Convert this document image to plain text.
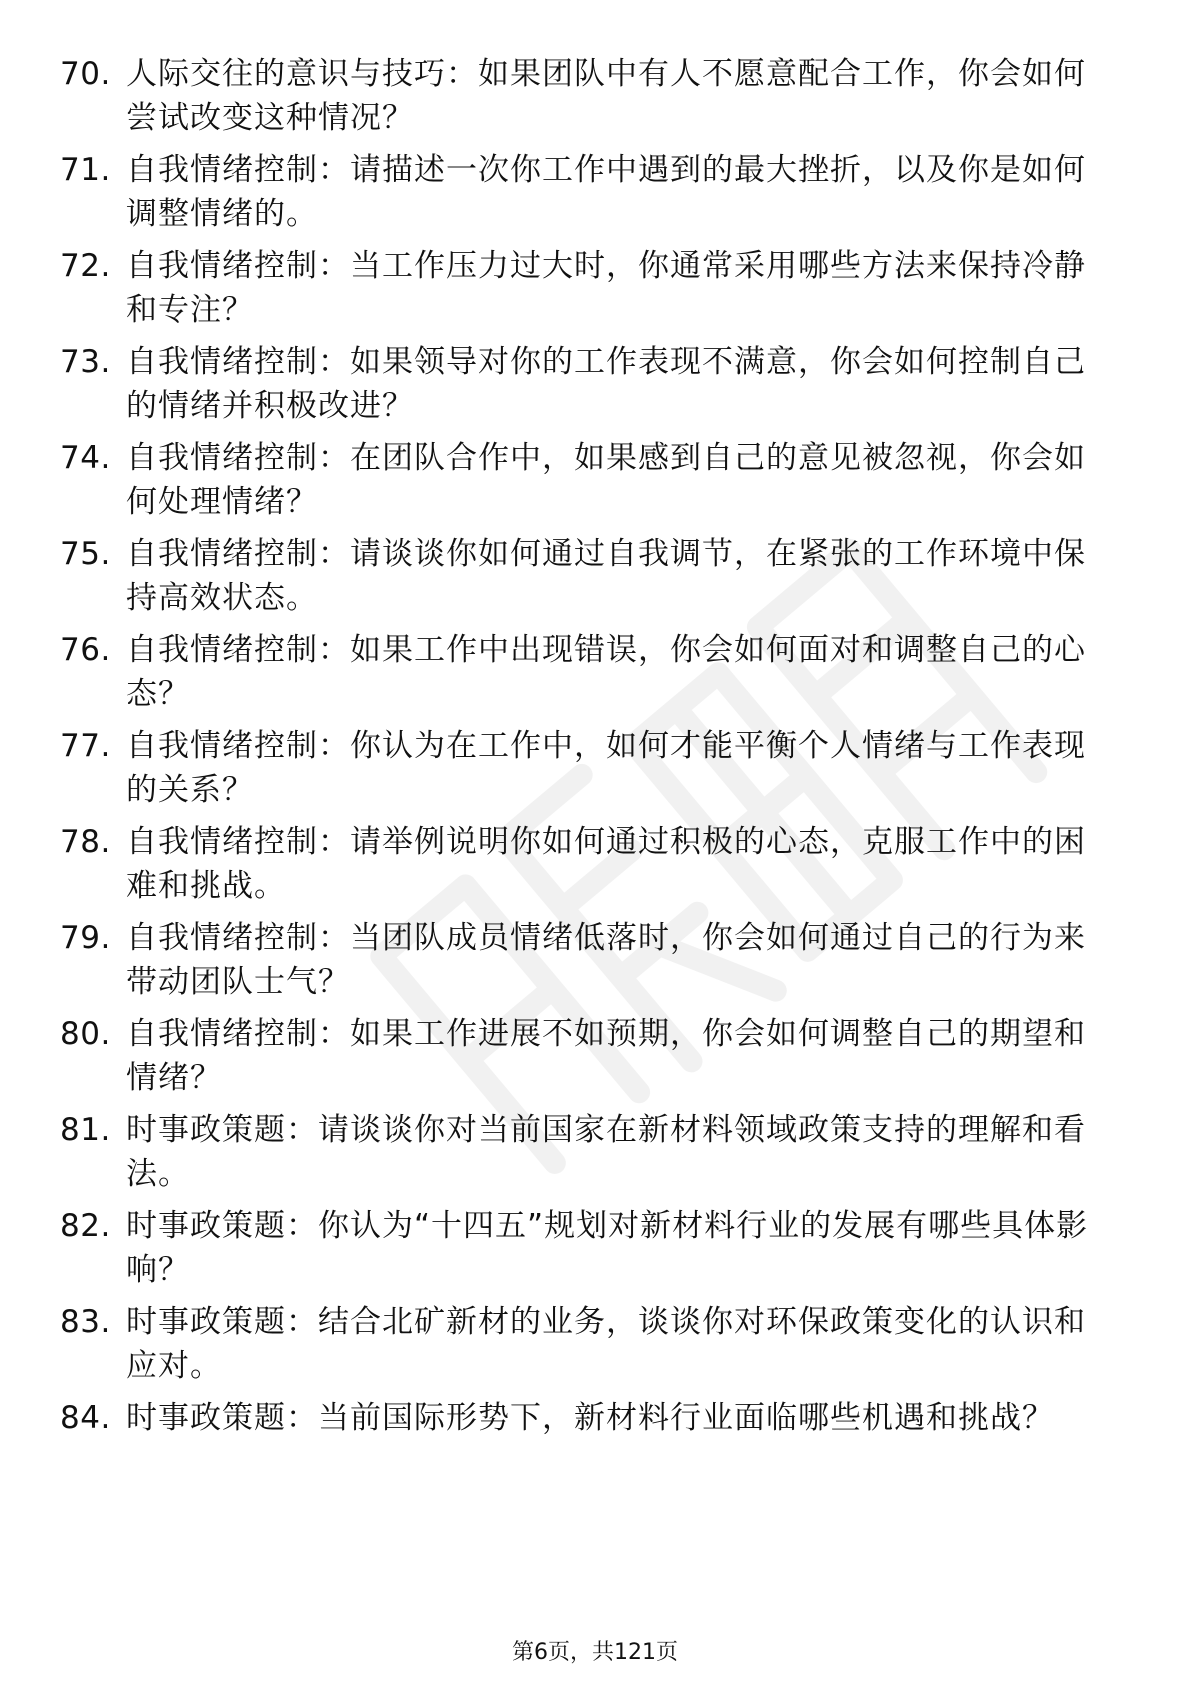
70. 人际交往的意识与技巧：如果团队中有人不愿意配合工作，你会如何尝试改变这种情况？
71. 自我情绪控制：请描述一次你工作中遇到的最大挫折，以及你是如何调整情绪的。
72. 自我情绪控制：当工作压力过大时，你通常采用哪些方法来保持冷静和专注？
73. 自我情绪控制：如果领导对你的工作表现不满意，你会如何控制自己的情绪并积极改进？
74. 自我情绪控制：在团队合作中，如果感到自己的意见被忽视，你会如何处理情绪？
75. 自我情绪控制：请谈谈你如何通过自我调节，在紧张的工作环境中保持高效状态。
76. 自我情绪控制：如果工作中出现错误，你会如何面对和调整自己的心态？
77. 自我情绪控制：你认为在工作中，如何才能平衡个人情绪与工作表现的关系？
78. 自我情绪控制：请举例说明你如何通过积极的心态，克服工作中的困难和挑战。
79. 自我情绪控制：当团队成员情绪低落时，你会如何通过自己的行为来带动团队士气？
80. 自我情绪控制：如果工作进展不如预期，你会如何调整自己的期望和情绪？
81. 时事政策题：请谈谈你对当前国家在新材料领域政策支持的理解和看法。
82. 时事政策题：你认为“十四五”规划对新材料行业的发展有哪些具体影响？
83. 时事政策题：结合北矿新材的业务，谈谈你对环保政策变化的认识和应对。
84. 时事政策题：当前国际形势下，新材料行业面临哪些机遇和挑战？
第6页，共121页
